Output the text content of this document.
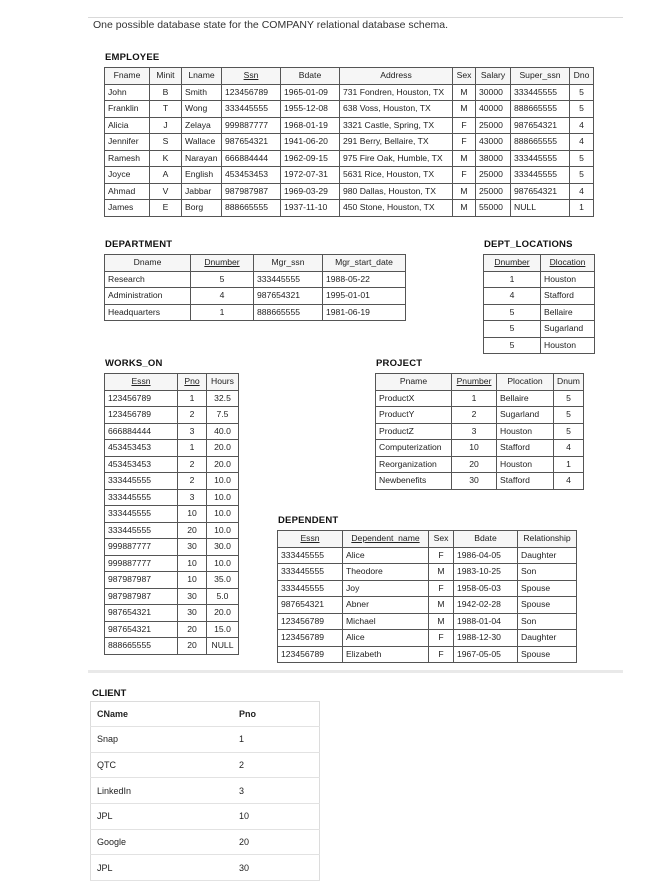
One possible database state for the COMPANY relational database schema.
EMPLOYEE
Fname	Minit	Lname	Ssn	Bdate	Address	Sex	Salary	Super_ssn	Dno
John	B	Smith	123456789	1965-01-09	731 Fondren, Houston, TX	M	30000	333445555	5
Franklin	T	Wong	333445555	1955-12-08	638 Voss, Houston, TX	M	40000	888665555	5
Alicia	J	Zelaya	999887777	1968-01-19	3321 Castle, Spring, TX	F	25000	987654321	4
Jennifer	S	Wallace	987654321	1941-06-20	291 Berry, Bellaire, TX	F	43000	888665555	4
Ramesh	K	Narayan	666884444	1962-09-15	975 Fire Oak, Humble, TX	M	38000	333445555	5
Joyce	A	English	453453453	1972-07-31	5631 Rice, Houston, TX	F	25000	333445555	5
Ahmad	V	Jabbar	987987987	1969-03-29	980 Dallas, Houston, TX	M	25000	987654321	4
James	E	Borg	888665555	1937-11-10	450 Stone, Houston, TX	M	55000	NULL	1
DEPARTMENT
Dname	Dnumber	Mgr_ssn	Mgr_start_date
Research	5	333445555	1988-05-22
Administration	4	987654321	1995-01-01
Headquarters	1	888665555	1981-06-19
DEPT_LOCATIONS
Dnumber	Dlocation
1	Houston
4	Stafford
5	Bellaire
5	Sugarland
5	Houston
WORKS_ON
Essn	Pno	Hours
123456789	1	32.5
123456789	2	7.5
666884444	3	40.0
453453453	1	20.0
453453453	2	20.0
333445555	2	10.0
333445555	3	10.0
333445555	10	10.0
333445555	20	10.0
999887777	30	30.0
999887777	10	10.0
987987987	10	35.0
987987987	30	5.0
987654321	30	20.0
987654321	20	15.0
888665555	20	NULL
PROJECT
Pname	Pnumber	Plocation	Dnum
ProductX	1	Bellaire	5
ProductY	2	Sugarland	5
ProductZ	3	Houston	5
Computerization	10	Stafford	4
Reorganization	20	Houston	1
Newbenefits	30	Stafford	4
DEPENDENT
Essn	Dependent_name	Sex	Bdate	Relationship
333445555	Alice	F	1986-04-05	Daughter
333445555	Theodore	M	1983-10-25	Son
333445555	Joy	F	1958-05-03	Spouse
987654321	Abner	M	1942-02-28	Spouse
123456789	Michael	M	1988-01-04	Son
123456789	Alice	F	1988-12-30	Daughter
123456789	Elizabeth	F	1967-05-05	Spouse
CLIENT
CName	Pno
Snap	1
QTC	2
LinkedIn	3
JPL	10
Google	20
JPL	30
